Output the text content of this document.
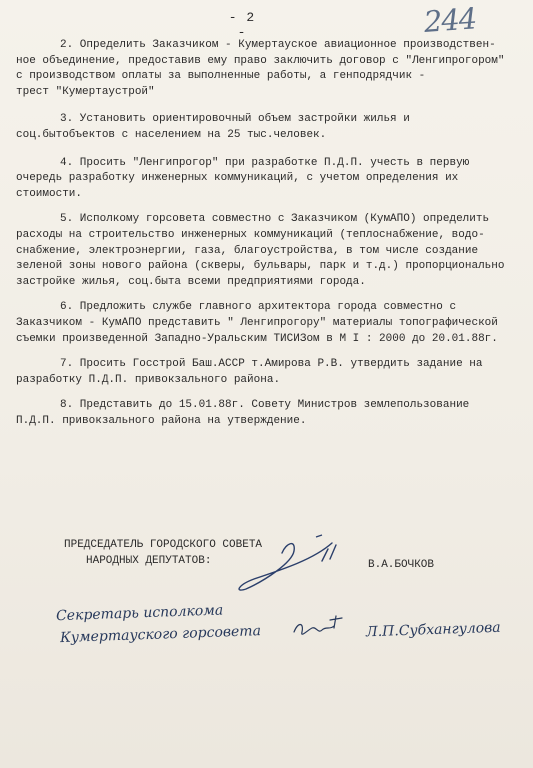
- 2 -	244
2. Определить Заказчиком - Кумертауское авиационное производствен-
ное объединение, предоставив ему право заключить договор с "Ленгипрогором"
с производством оплаты за выполненные работы, а генподрядчик -
трест "Кумертаустрой"
3. Установить ориентировочный объем застройки жилья и
соц.бытобъектов с населением на 25 тыс.человек.
4. Просить "Ленгипрогор" при разработке П.Д.П. учесть в первую
очередь разработку инженерных коммуникаций, с учетом определения их
стоимости.
5. Исполкому горсовета совместно с Заказчиком (КумАПО) определить
расходы на строительство инженерных коммуникаций (теплоснабжение, водо-
снабжение, электроэнергии, газа, благоустройства, в том числе создание
зеленой зоны нового района (скверы, бульвары, парк и т.д.) пропорционально
застройке жилья, соц.быта всеми предприятиями города.
6. Предложить службе главного архитектора города совместно с
Заказчиком - КумАПО представить " Ленгипрогору" материалы топографической
съемки произведенной Западно-Уральским ТИСИЗом в М I : 2000 до 20.01.88г.
7. Просить Госстрой Баш.АССР т.Амирова Р.В. утвердить задание на
разработку П.Д.П. привокзального района.
8. Представить до 15.01.88г. Совету Министров землепользование
П.Д.П. привокзального района на утверждение.
ПРЕДСЕДАТЕЛЬ ГОРОДСКОГО СОВЕТА
НАРОДНЫХ ДЕПУТАТОВ:	В.А.БОЧКОВ
Секретарь исполкома
Кумертауского горсовета	Л.П.Субхангулова
